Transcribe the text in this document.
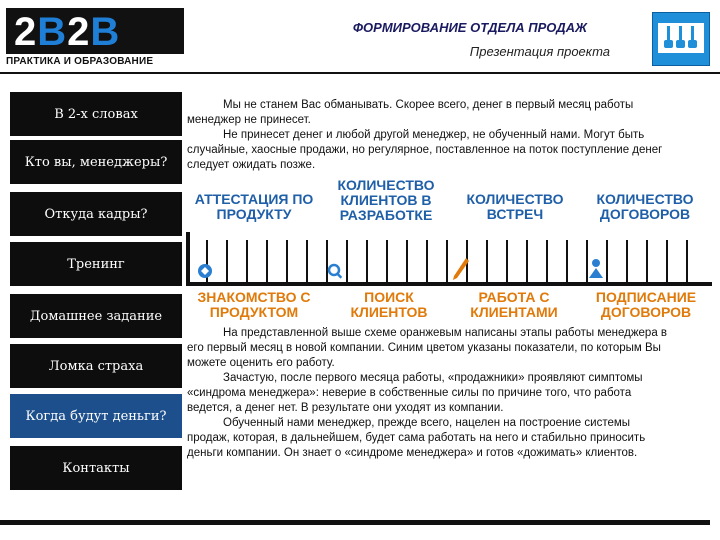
2B2B
ПРАКТИКА И ОБРАЗОВАНИЕ
ФОРМИРОВАНИЕ ОТДЕЛА ПРОДАЖ
Презентация проекта
В 2-х словах
Кто вы, менеджеры?
Откуда кадры?
Тренинг
Домашнее задание
Ломка страха
Когда будут деньги?
Контакты

Мы не станем Вас обманывать. Скорее всего, денег в первый месяц работы менеджер не принесет.

Не принесет денег и любой другой менеджер, не обученный нами. Могут быть случайные, хаосные продажи, но регулярное, поставленное на поток поступление денег следует ожидать позже.

АТТЕСТАЦИЯ ПО ПРОДУКТУ
КОЛИЧЕСТВО КЛИЕНТОВ В РАЗРАБОТКЕ
КОЛИЧЕСТВО ВСТРЕЧ
КОЛИЧЕСТВО ДОГОВОРОВ
ЗНАКОМСТВО С ПРОДУКТОМ
ПОИСК КЛИЕНТОВ
РАБОТА С КЛИЕНТАМИ
ПОДПИСАНИЕ ДОГОВОРОВ

На представленной выше схеме оранжевым написаны этапы работы менеджера в его первый месяц в новой компании. Синим цветом указаны показатели, по которым Вы можете оценить его работу.

Зачастую, после первого месяца работы, «продажники» проявляют симптомы «синдрома менеджера»: неверие в собственные силы по причине того, что работа ведется, а денег нет. В результате они уходят из компании.

Обученный нами менеджер, прежде всего, нацелен на построение системы продаж, которая, в дальнейшем, будет сама работать на него и стабильно приносить деньги компании. Он знает о «синдроме менеджера» и готов «дожимать» клиентов.
